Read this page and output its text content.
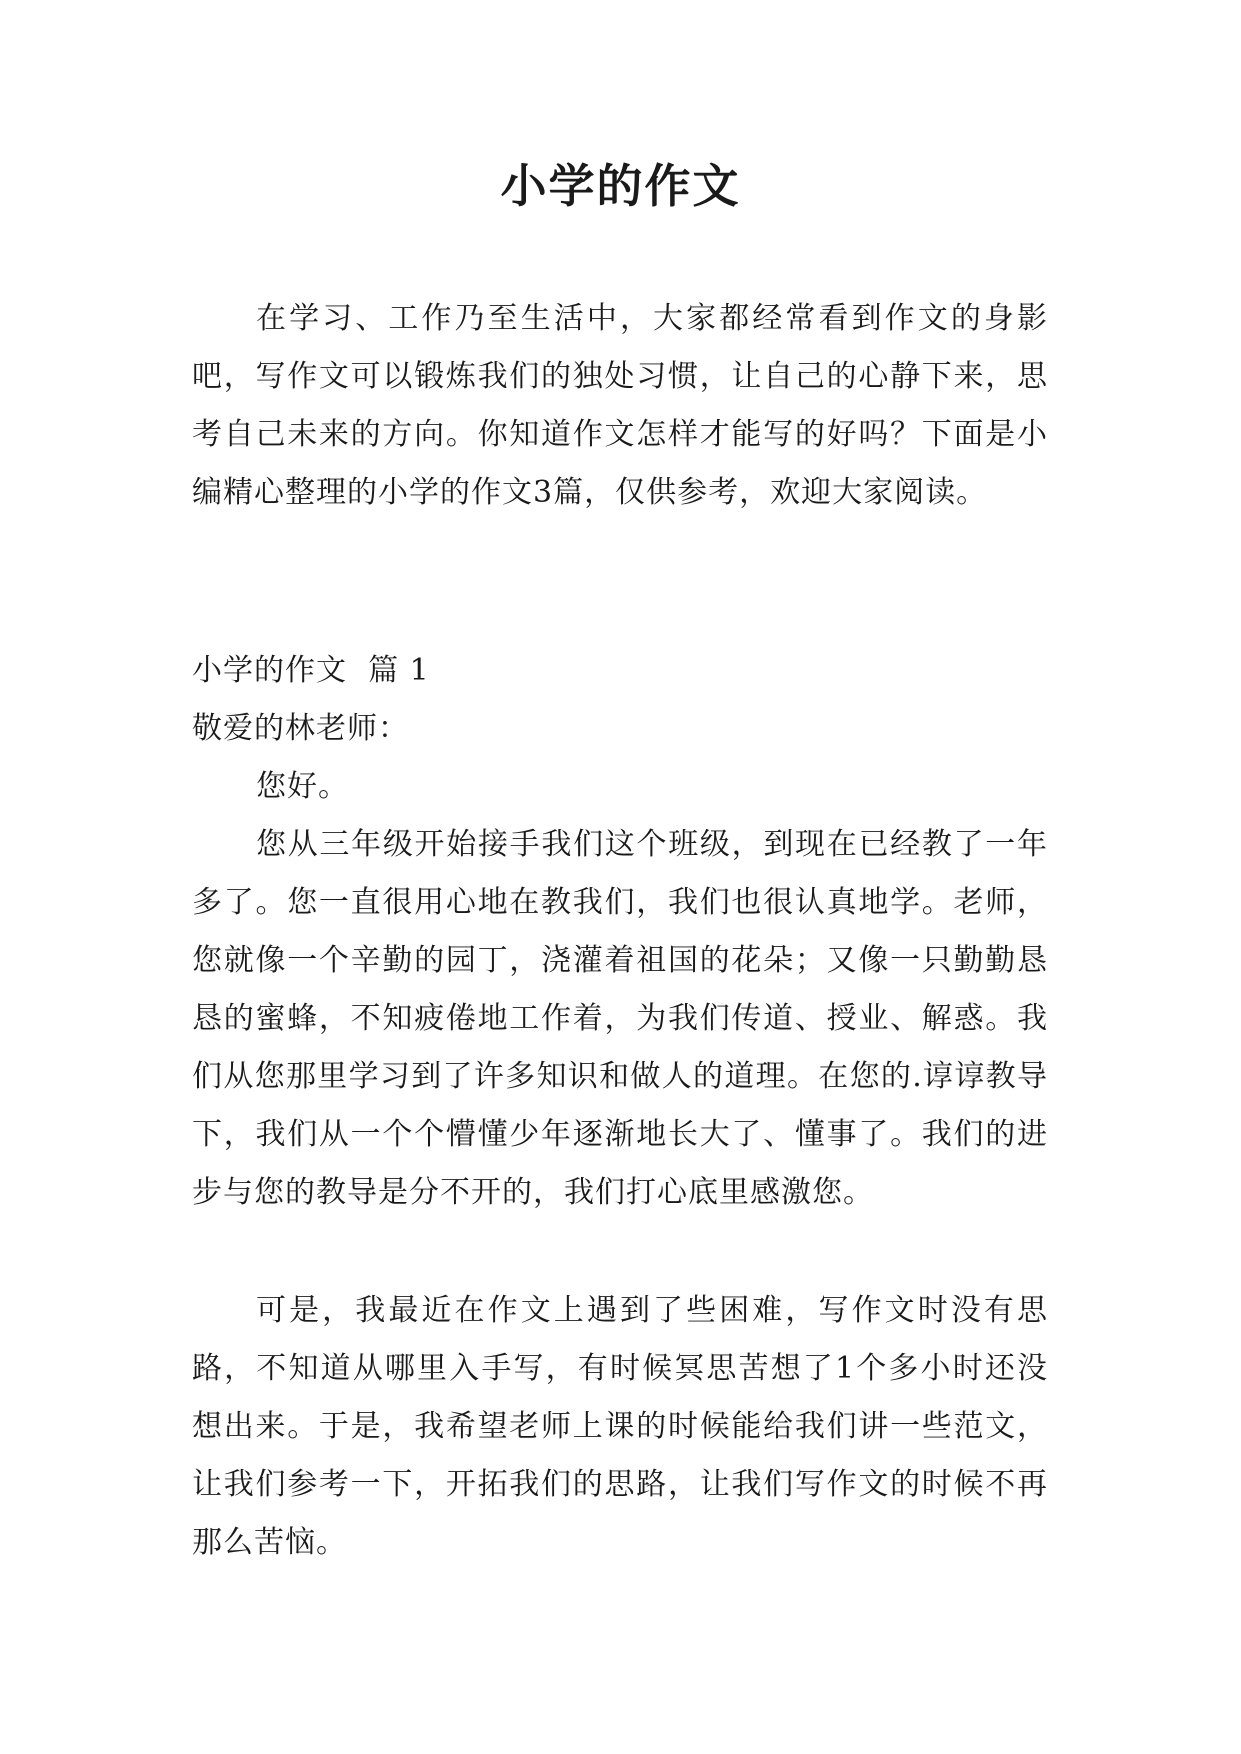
小学的作文

在学习、工作乃至生活中，大家都经常看到作文的身影吧，写作文可以锻炼我们的独处习惯，让自己的心静下来，思考自己未来的方向。你知道作文怎样才能写的好吗？下面是小编精心整理的小学的作文3篇，仅供参考，欢迎大家阅读。

小学的作文  篇 1

敬爱的林老师：

您好。

您从三年级开始接手我们这个班级，到现在已经教了一年多了。您一直很用心地在教我们，我们也很认真地学。老师，您就像一个辛勤的园丁，浇灌着祖国的花朵；又像一只勤勤恳恳的蜜蜂，不知疲倦地工作着，为我们传道、授业、解惑。我们从您那里学习到了许多知识和做人的道理。在您的.谆谆教导下，我们从一个个懵懂少年逐渐地长大了、懂事了。我们的进步与您的教导是分不开的，我们打心底里感激您。

可是，我最近在作文上遇到了些困难，写作文时没有思路，不知道从哪里入手写，有时候冥思苦想了1个多小时还没想出来。于是，我希望老师上课的时候能给我们讲一些范文，让我们参考一下，开拓我们的思路，让我们写作文的时候不再那么苦恼。
